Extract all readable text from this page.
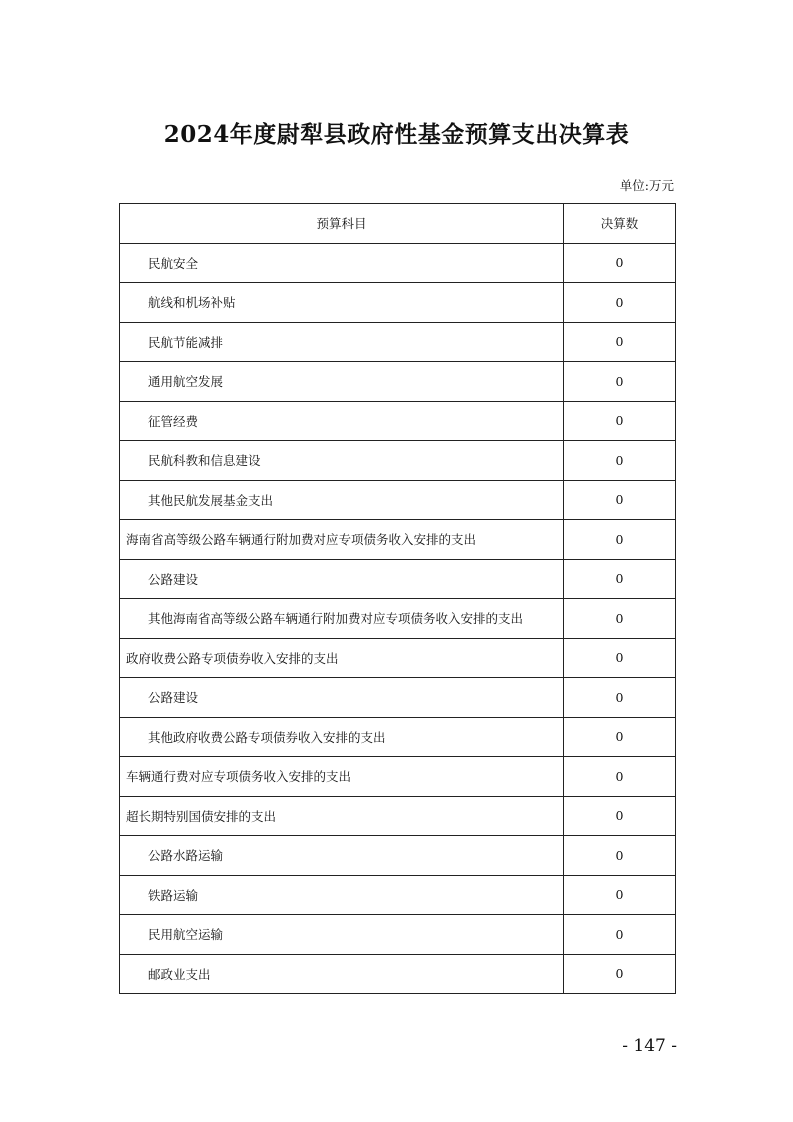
2024年度尉犁县政府性基金预算支出决算表
单位:万元
预算科目	决算数
民航安全	0
航线和机场补贴	0
民航节能减排	0
通用航空发展	0
征管经费	0
民航科教和信息建设	0
其他民航发展基金支出	0
海南省高等级公路车辆通行附加费对应专项债务收入安排的支出	0
公路建设	0
其他海南省高等级公路车辆通行附加费对应专项债务收入安排的支出	0
政府收费公路专项债券收入安排的支出	0
公路建设	0
其他政府收费公路专项债券收入安排的支出	0
车辆通行费对应专项债务收入安排的支出	0
超长期特别国债安排的支出	0
公路水路运输	0
铁路运输	0
民用航空运输	0
邮政业支出	0
- 147 -
